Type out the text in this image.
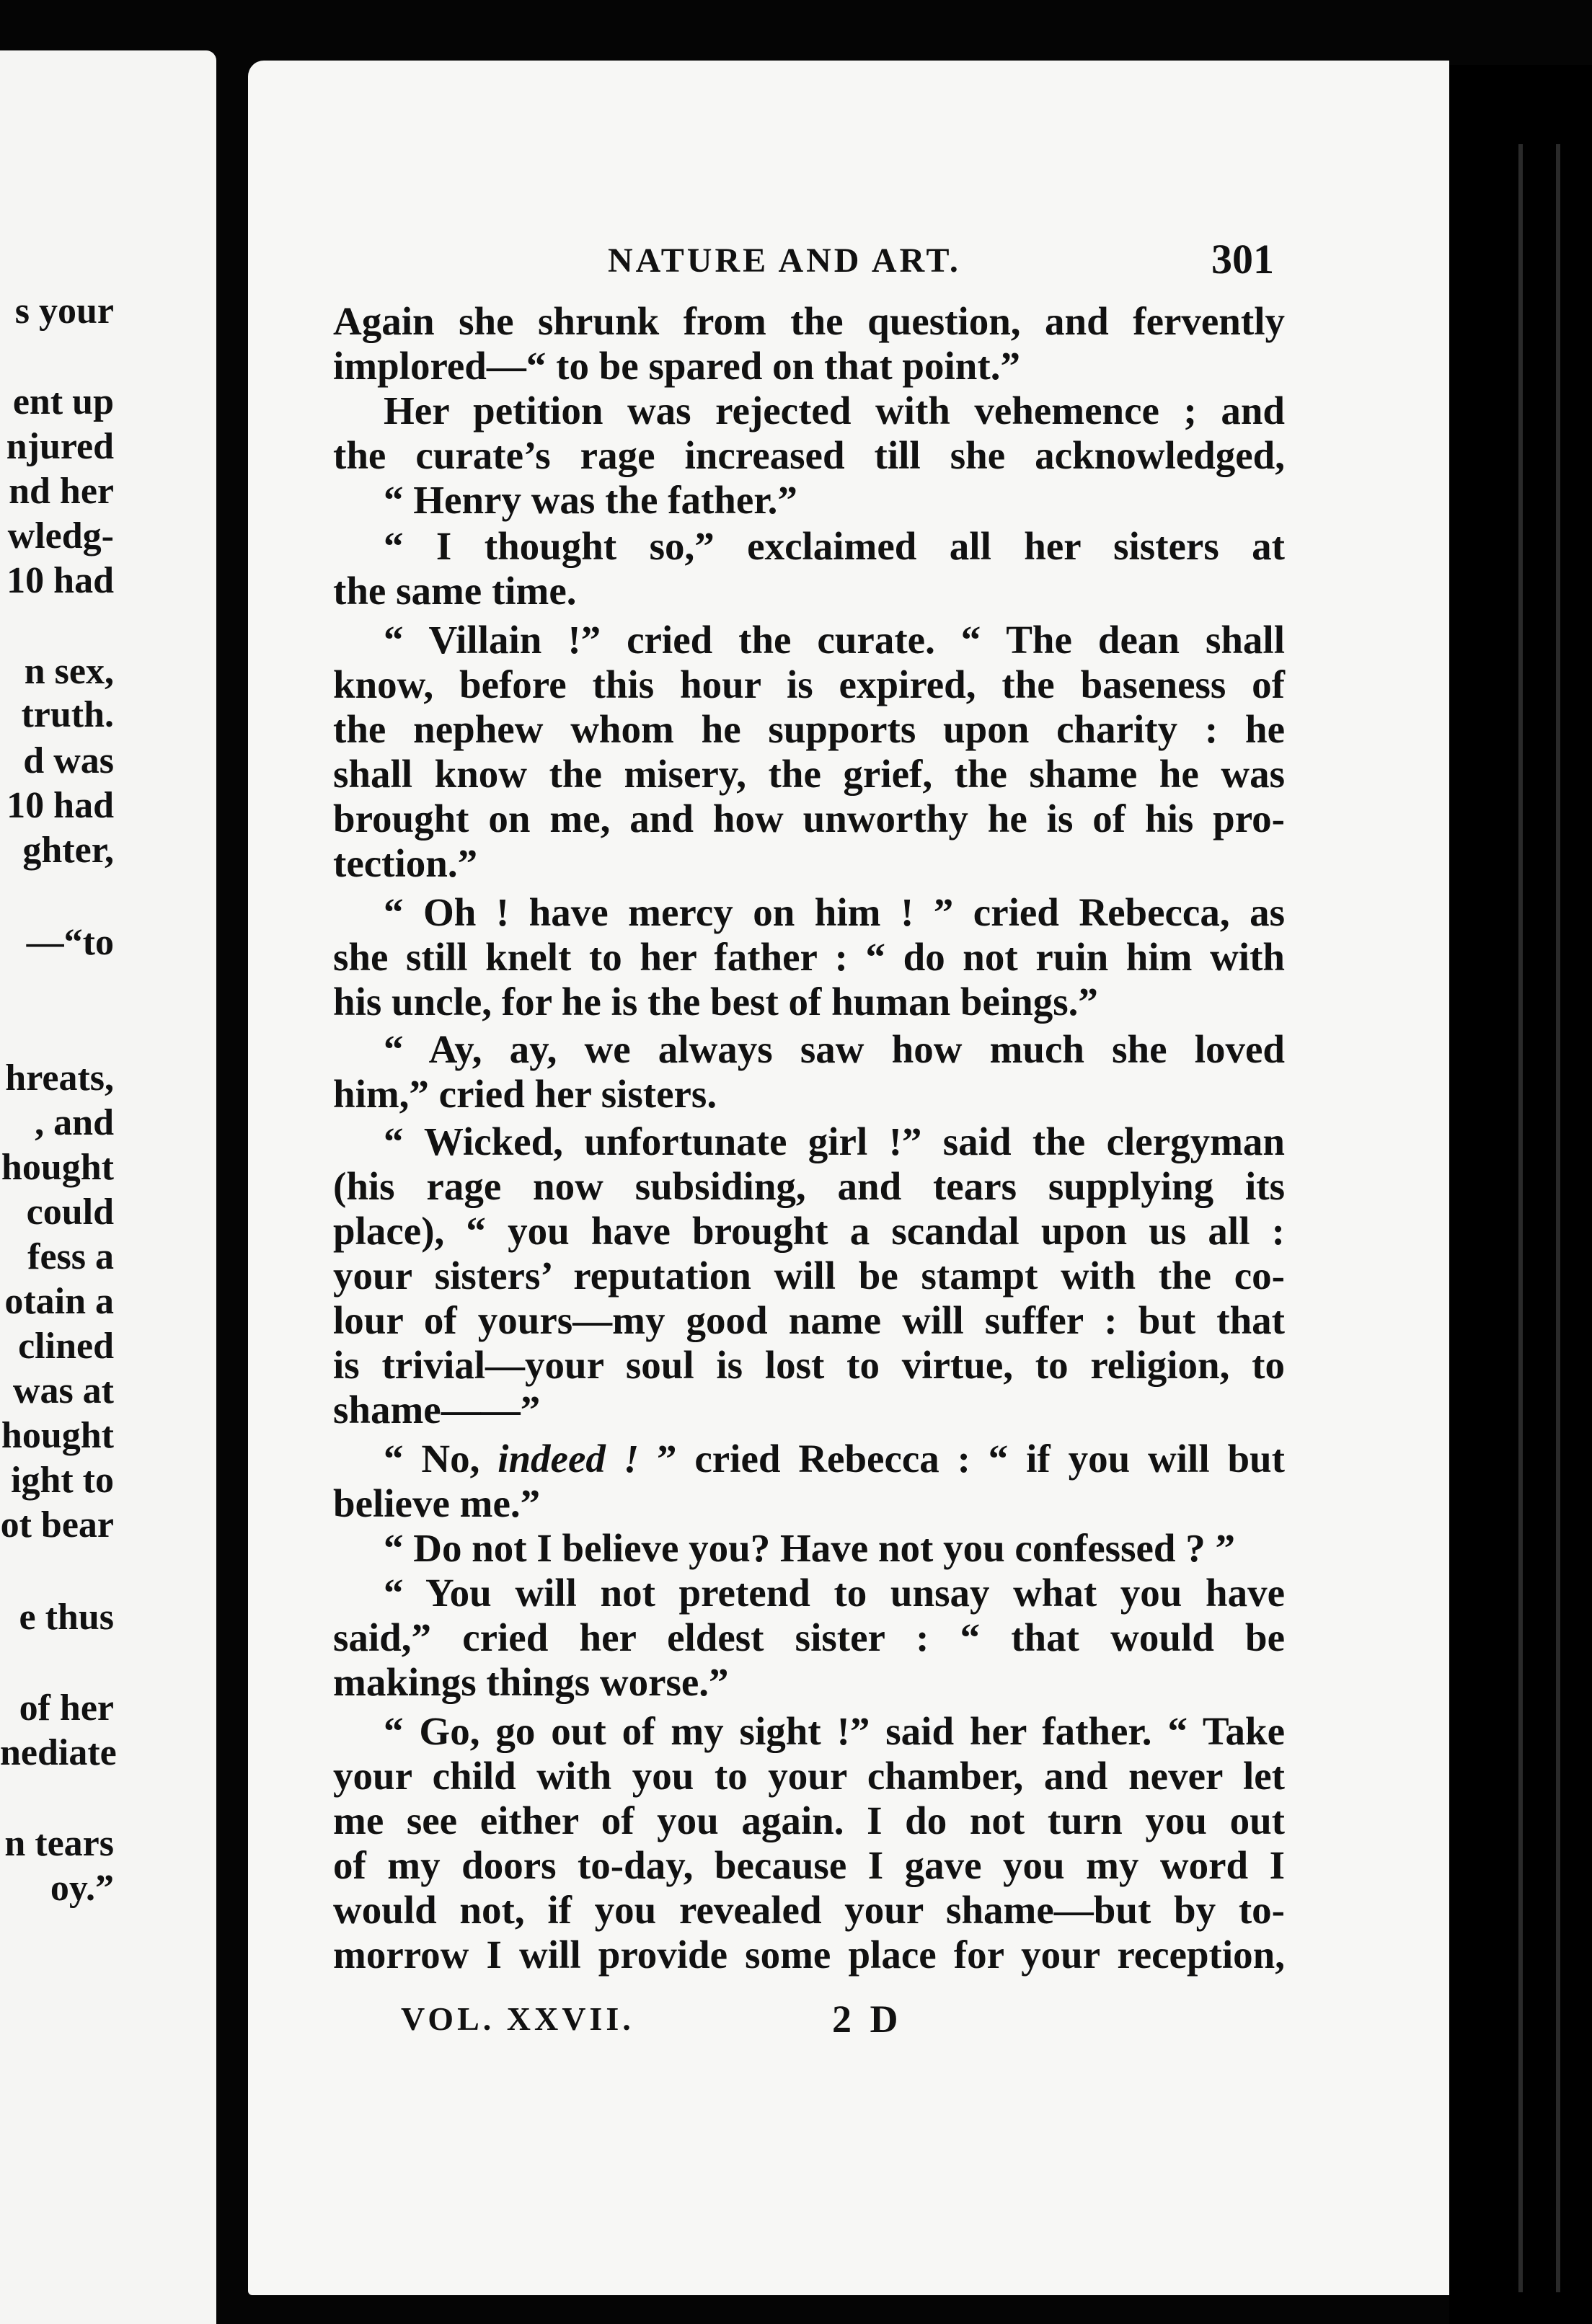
s your
ent up
njured
nd her
wledg-
10 had
n sex,
truth.
d was
10 had
ghter,
—“to
hreats,
, and
hought
could
fess a
otain a
clined
was at
hought
ight to
ot bear
e thus
of her
nediate
n tears
oy.”
NATURE AND ART.	301
Again she shrunk from the question, and fervently
implored—“ to be spared on that point.”
Her petition was rejected with vehemence ; and
the curate’s rage increased till she acknowledged,
“ Henry was the father.”
“ I thought so,” exclaimed all her sisters at
the same time.
“ Villain !” cried the curate. “ The dean shall
know, before this hour is expired, the baseness of
the nephew whom he supports upon charity : he
shall know the misery, the grief, the shame he was
brought on me, and how unworthy he is of his pro-
tection.”
“ Oh ! have mercy on him ! ” cried Rebecca, as
she still knelt to her father : “ do not ruin him with
his uncle, for he is the best of human beings.”
“ Ay, ay, we always saw how much she loved
him,” cried her sisters.
“ Wicked, unfortunate girl !” said the clergyman
(his rage now subsiding, and tears supplying its
place), “ you have brought a scandal upon us all :
your sisters’ reputation will be stampt with the co-
lour of yours—my good name will suffer : but that
is trivial—your soul is lost to virtue, to religion, to
shame——”
“ No, indeed ! ” cried Rebecca : “ if you will but
believe me.”
“ Do not I believe you? Have not you confessed ? ”
“ You will not pretend to unsay what you have
said,” cried her eldest sister : “ that would be
makings things worse.”
“ Go, go out of my sight !” said her father. “ Take
your child with you to your chamber, and never let
me see either of you again. I do not turn you out
of my doors to-day, because I gave you my word I
would not, if you revealed your shame—but by to-
morrow I will provide some place for your reception,
VOL. XXVII.	2 D
